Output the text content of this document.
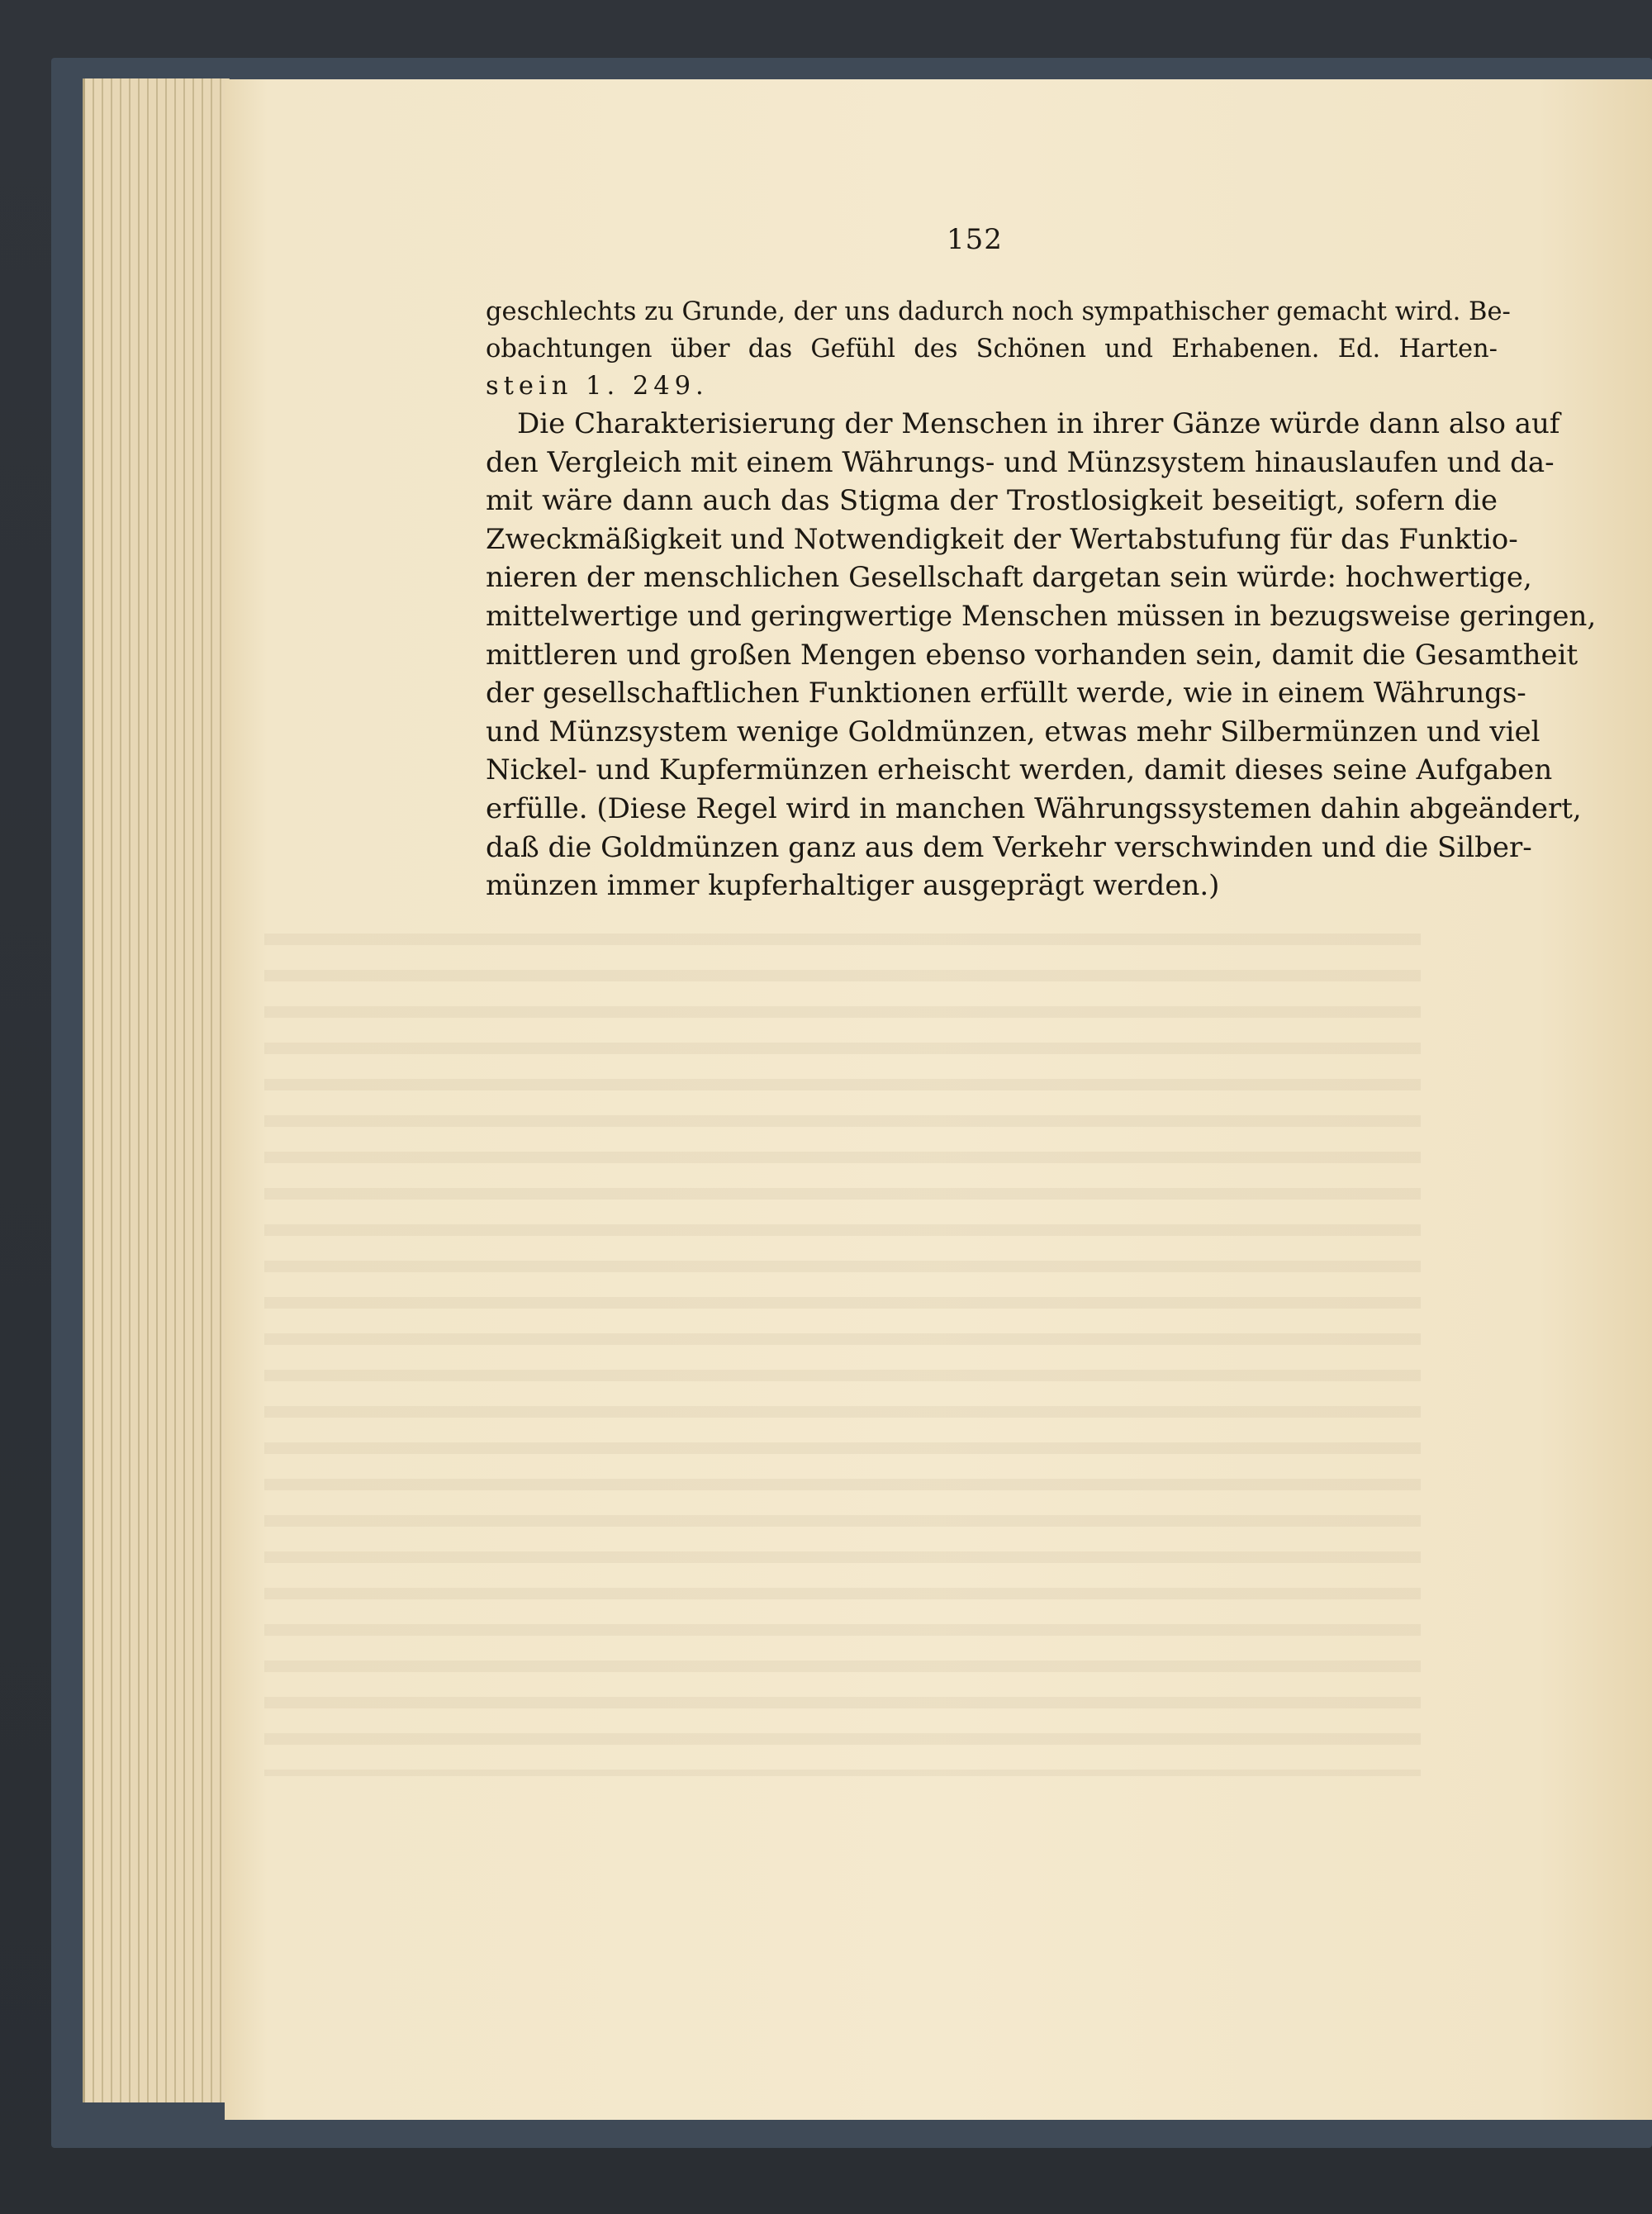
152
geschlechts zu Grunde, der uns dadurch noch sympathischer gemacht wird. Be-
obachtungen über das Gefühl des Schönen und Erhabenen. Ed. Harten-
stein 1. 249.
Die Charakterisierung der Menschen in ihrer Gänze würde dann also auf
den Vergleich mit einem Währungs- und Münzsystem hinauslaufen und da-
mit wäre dann auch das Stigma der Trostlosigkeit beseitigt, sofern die
Zweckmäßigkeit und Notwendigkeit der Wertabstufung für das Funktio-
nieren der menschlichen Gesellschaft dargetan sein würde: hochwertige,
mittelwertige und geringwertige Menschen müssen in bezugsweise geringen,
mittleren und großen Mengen ebenso vorhanden sein, damit die Gesamtheit
der gesellschaftlichen Funktionen erfüllt werde, wie in einem Währungs-
und Münzsystem wenige Goldmünzen, etwas mehr Silbermünzen und viel
Nickel- und Kupfermünzen erheischt werden, damit dieses seine Aufgaben
erfülle. (Diese Regel wird in manchen Währungssystemen dahin abgeändert,
daß die Goldmünzen ganz aus dem Verkehr verschwinden und die Silber-
münzen immer kupferhaltiger ausgeprägt werden.)
